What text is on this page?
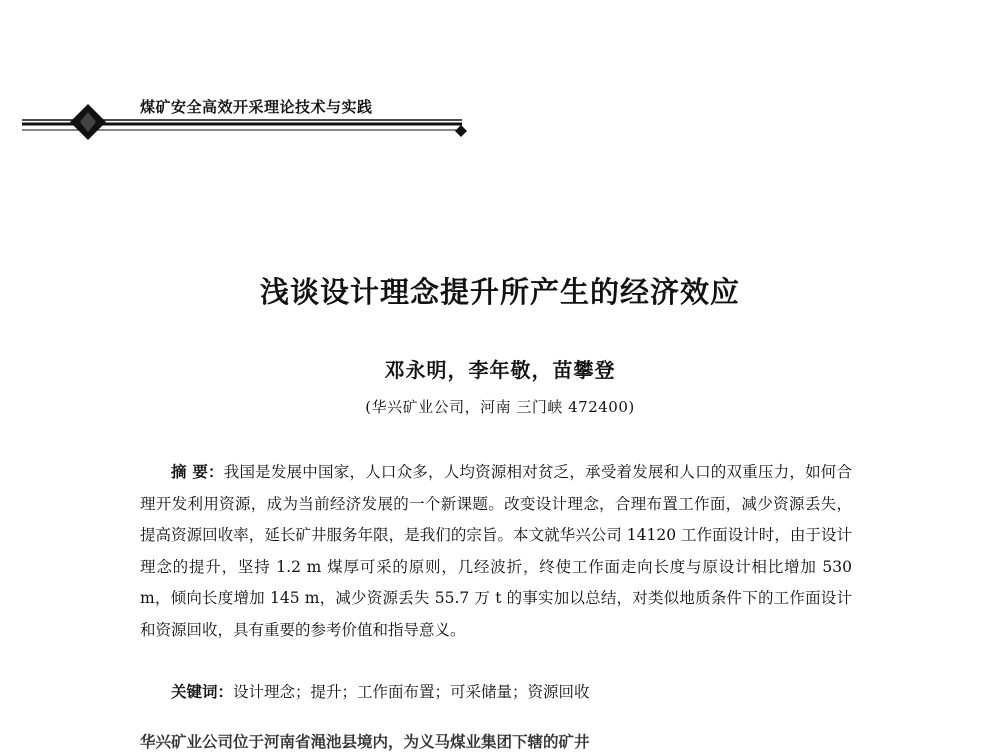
煤矿安全高效开采理论技术与实践
浅谈设计理念提升所产生的经济效应
邓永明，李年敬，苗攀登
(华兴矿业公司，河南 三门峡 472400)

摘 要：我国是发展中国家，人口众多，人均资源相对贫乏，承受着发展和人口的双重压力，如何合理开发利用资源，成为当前经济发展的一个新课题。改变设计理念，合理布置工作面，减少资源丢失，提高资源回收率，延长矿井服务年限，是我们的宗旨。本文就华兴公司 14120 工作面设计时，由于设计理念的提升，坚持 1.2 m 煤厚可采的原则，几经波折，终使工作面走向长度与原设计相比增加 530 m，倾向长度增加 145 m，减少资源丢失 55.7 万 t 的事实加以总结，对类似地质条件下的工作面设计和资源回收，具有重要的参考价值和指导意义。

关键词：设计理念；提升；工作面布置；可采储量；资源回收

华兴矿业公司位于河南省渑池县境内，为义马煤业集团下辖的矿井
